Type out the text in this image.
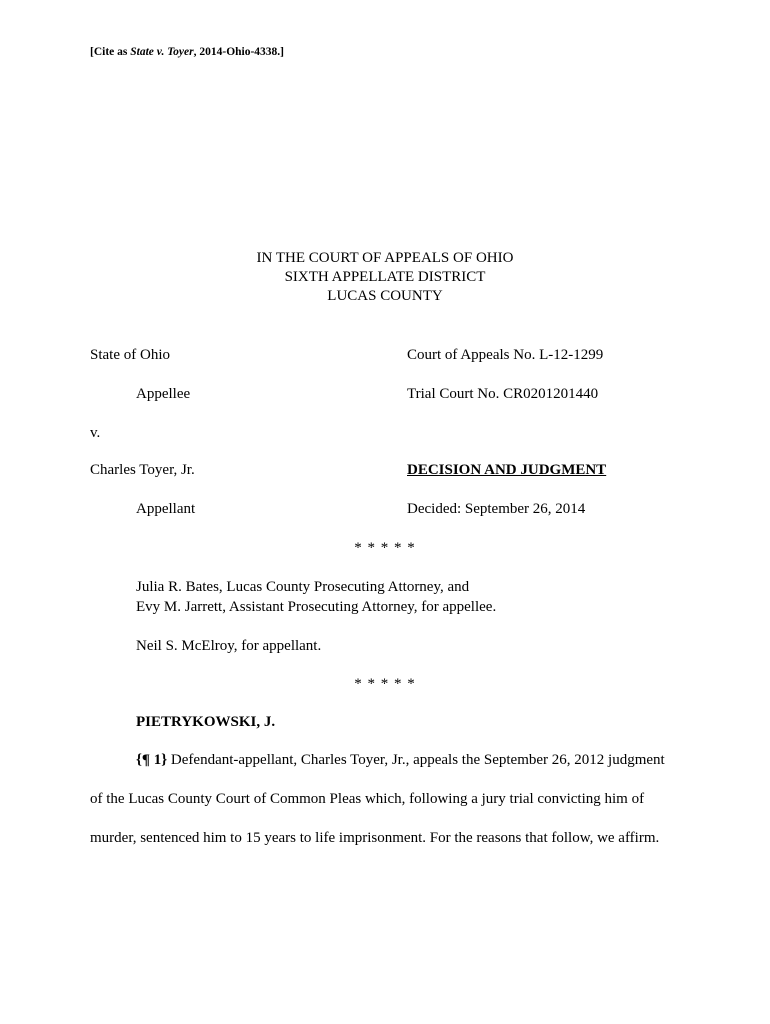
[Cite as State v. Toyer, 2014-Ohio-4338.]
IN THE COURT OF APPEALS OF OHIO
SIXTH APPELLATE DISTRICT
LUCAS COUNTY
State of Ohio	Court of Appeals No. L-12-1299
Appellee	Trial Court No. CR0201201440
v.
Charles Toyer, Jr.	DECISION AND JUDGMENT
Appellant	Decided: September 26, 2014
* * * * *
Julia R. Bates, Lucas County Prosecuting Attorney, and
Evy M. Jarrett, Assistant Prosecuting Attorney, for appellee.
Neil S. McElroy, for appellant.
* * * * *
PIETRYKOWSKI, J.
{¶ 1} Defendant-appellant, Charles Toyer, Jr., appeals the September 26, 2012 judgment of the Lucas County Court of Common Pleas which, following a jury trial convicting him of murder, sentenced him to 15 years to life imprisonment. For the reasons that follow, we affirm.
